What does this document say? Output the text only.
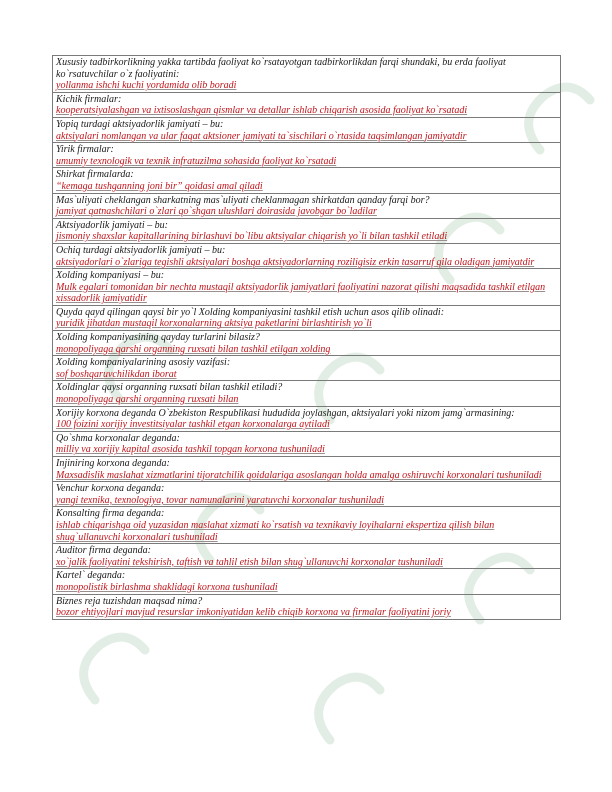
Xususiy tadbirkorlikning yakka tartibda faoliyat ko`rsatayotgan tadbirkorlikdan farqi shundaki, bu erda faoliyat ko`rsatuvchilar o`z faoliyatini:
yollanma ishchi kuchi yordamida olib boradi

Kichik firmalar:
kooperatsiyalashgan va ixtisoslashgan qismlar va detallar ishlab chiqarish asosida faoliyat ko`rsatadi

Yopiq turdagi aktsiyadorlik jamiyati – bu:
aktsiyalari nomlangan va ular faqat aktsioner jamiyati ta`sischilari o`rtasida taqsimlangan jamiyatdir

Yirik firmalar:
umumiy texnologik va texnik infratuzilma sohasida faoliyat ko`rsatadi

Shirkat firmalarda:
“kemaga tushganning joni bir” qoidasi amal qiladi

Mas`uliyati cheklangan sharkatning mas`uliyati cheklanmagan shirkatdan qanday farqi bor?
jamiyat qatnashchilari o`zlari qo`shgan ulushlari doirasida javobgar bo`ladilar

Aktsiyadorlik jamiyati – bu:
jismoniy shaxslar kapitallarining birlashuvi bo`libu aktsiyalar chiqarish yo`li bilan tashkil etiladi

Ochiq turdagi aktsiyadorlik jamiyati – bu:
aktsiyadorlari o`zlariga tegishli aktsiyalari boshqa aktsiyadorlarning roziligisiz erkin tasarruf qila oladigan jamiyatdir

Xolding kompaniyasi – bu:
Mulk egalari tomonidan bir nechta mustaqil aktsiyadorlik jamiyatlari faoliyatini nazorat qilishi maqsadida tashkil etilgan xissadorlik jamiyatidir

Quyda qayd qilingan qaysi bir yo`l Xolding kompaniyasini tashkil etish uchun asos qilib olinadi:
yuridik jihatdan mustaqil korxonalarning aktsiya paketlarini birlashtirish yo`li

Xolding kompaniyasining qayday turlarini bilasiz?
monopoliyaga qarshi organning ruxsati bilan tashkil etilgan xolding

Xolding kompaniyalarining asosiy vazifasi:
sof boshqaruvchilikdan iborat

Xoldinglar qaysi organning ruxsati bilan tashkil etiladi?
monopoliyaga qarshi organning ruxsati bilan

Xorijiy korxona deganda O`zbekiston Respublikasi hududida joylashgan, aktsiyalari yoki nizom jamg`armasining:
100 foizini xorijiy investitsiyalar tashkil etgan korxonalarga aytiladi

Qo`shma korxonalar deganda:
milliy va xorijiy kapital asosida tashkil topgan korxona tushuniladi

Injiniring korxona deganda:
Maxsadislik maslahat xizmatlarini tijoratchilik qoidalariga asoslangan holda amalga oshiruvchi korxonalari tushuniladi

Venchur korxona deganda:
yangi texnika, texnologiya, tovar namunalarini yaratuvchi korxonalar tushuniladi

Konsalting firma deganda:
ishlab chiqarishga oid yuzasidan maslahat xizmati ko`rsatish va texnikaviy loyihalarni ekspertiza qilish bilan shug`ullanuvchi korxonalari tushuniladi

Auditor firma deganda:
xo`jalik faoliyatini tekshirish, taftish va tahlil etish bilan shug`ullanuvchi korxonalar tushuniladi

Kartel` deganda:
monopolistik birlashma shaklidagi korxona tushuniladi

Biznes reja tuzishdan maqsad nima?
bozor ehtiyojlari mavjud resurslar imkoniyatidan kelib chiqib korxona va firmalar faoliyatini joriy
